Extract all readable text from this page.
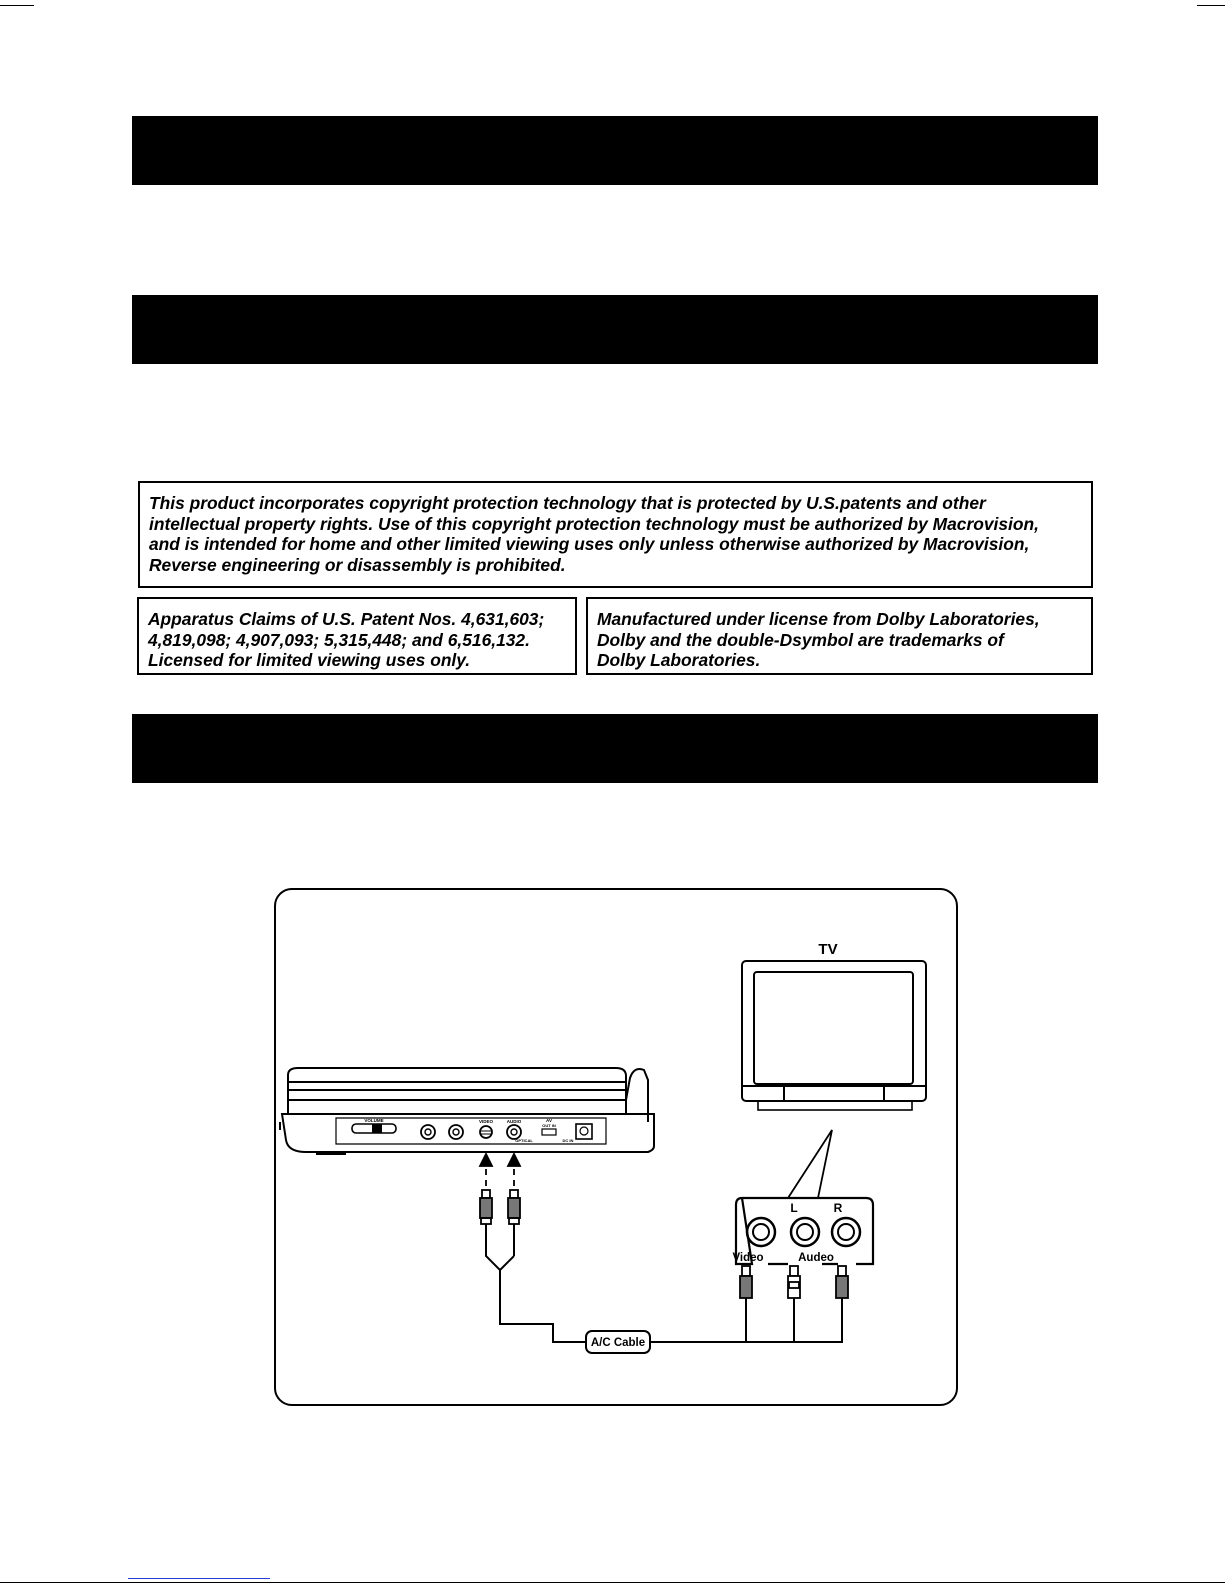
This product incorporates copyright protection technology that is protected by U.S.patents and other
intellectual property rights. Use of this copyright protection technology must be authorized by Macrovision,
and is intended for home and other limited viewing uses only unless otherwise authorized by Macrovision,
Reverse engineering or disassembly is prohibited.
Apparatus Claims of U.S. Patent Nos. 4,631,603;
4,819,098; 4,907,093; 5,315,448; and 6,516,132.
Licensed for limited viewing uses only.
Manufactured under license from Dolby Laboratories,
Dolby and the double-Dsymbol are trademarks of
Dolby Laboratories.
TV
L	R
Video	Audeo
A/C Cable
VOLUME	VIDEO	AUDIO
OPTICAL
AV
OUT IN
DC IN
